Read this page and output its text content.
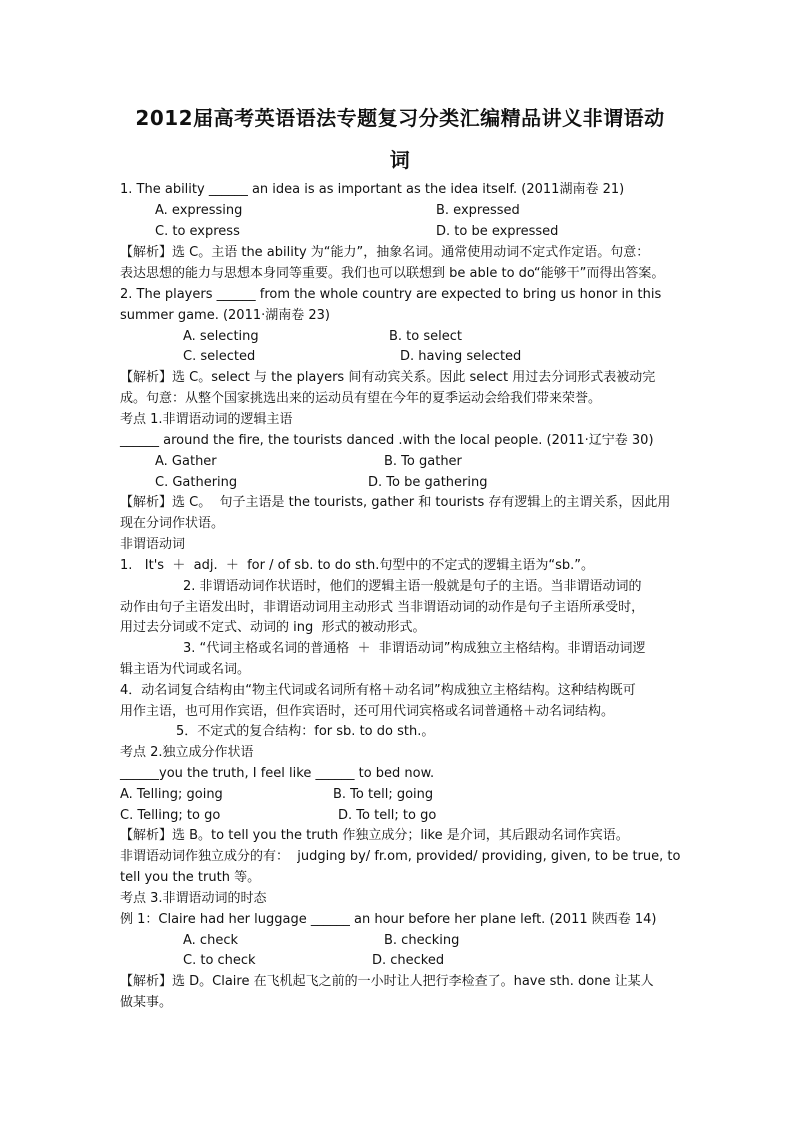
2012届高考英语语法专题复习分类汇编精品讲义非谓语动
词
1. The ability ______ an idea is as important as the idea itself. (2011湖南卷 21)
A. expressing	B. expressed
C. to express	D. to be expressed
【解析】选 C。主语 the ability 为“能力”，抽象名词。通常使用动词不定式作定语。句意：
表达思想的能力与思想本身同等重要。我们也可以联想到 be able to do“能够干”而得出答案。
2. The players ______ from the whole country are expected to bring us honor in this
summer game. (2011·湖南卷 23)
A. selecting	B. to select
C. selected	D. having selected
【解析】选 C。select 与 the players 间有动宾关系。因此 select 用过去分词形式表被动完
成。句意：从整个国家挑选出来的运动员有望在今年的夏季运动会给我们带来荣誉。
考点 1.非谓语动词的逻辑主语
______ around the fire, the tourists danced .with the local people. (2011·辽宁卷 30)
A. Gather	B. To gather
C. Gathering	D. To be gathering
【解析】选 C。  句子主语是 the tourists, gather 和 tourists 存有逻辑上的主谓关系，因此用
现在分词作状语。
非谓语动词
1.   It's  ＋  adj.  ＋  for / of sb. to do sth.句型中的不定式的逻辑主语为“sb.”。
2. 非谓语动词作状语时，他们的逻辑主语一般就是句子的主语。当非谓语动词的
动作由句子主语发出时，非谓语动词用主动形式 当非谓语动词的动作是句子主语所承受时，
用过去分词或不定式、动词的 ing  形式的被动形式。
3. “代词主格或名词的普通格  ＋  非谓语动词”构成独立主格结构。非谓语动词逻
辑主语为代词或名词。
4．动名词复合结构由“物主代词或名词所有格＋动名词”构成独立主格结构。这种结构既可
用作主语，也可用作宾语，但作宾语时，还可用代词宾格或名词普通格＋动名词结构。
5．不定式的复合结构：for sb. to do sth.。
考点 2.独立成分作状语
______you the truth, I feel like ______ to bed now.
A. Telling; going	B. To tell; going
C. Telling; to go	D. To tell; to go
【解析】选 B。to tell you the truth 作独立成分；like 是介词，其后跟动名词作宾语。
非谓语动词作独立成分的有：  judging by/ fr.om, provided/ providing, given, to be true, to
tell you the truth 等。
考点 3.非谓语动词的时态
例 1：Claire had her luggage ______ an hour before her plane left. (2011 陕西卷 14)
A. check	B. checking
C. to check	D. checked
【解析】选 D。Claire 在飞机起飞之前的一小时让人把行李检查了。have sth. done 让某人
做某事。
